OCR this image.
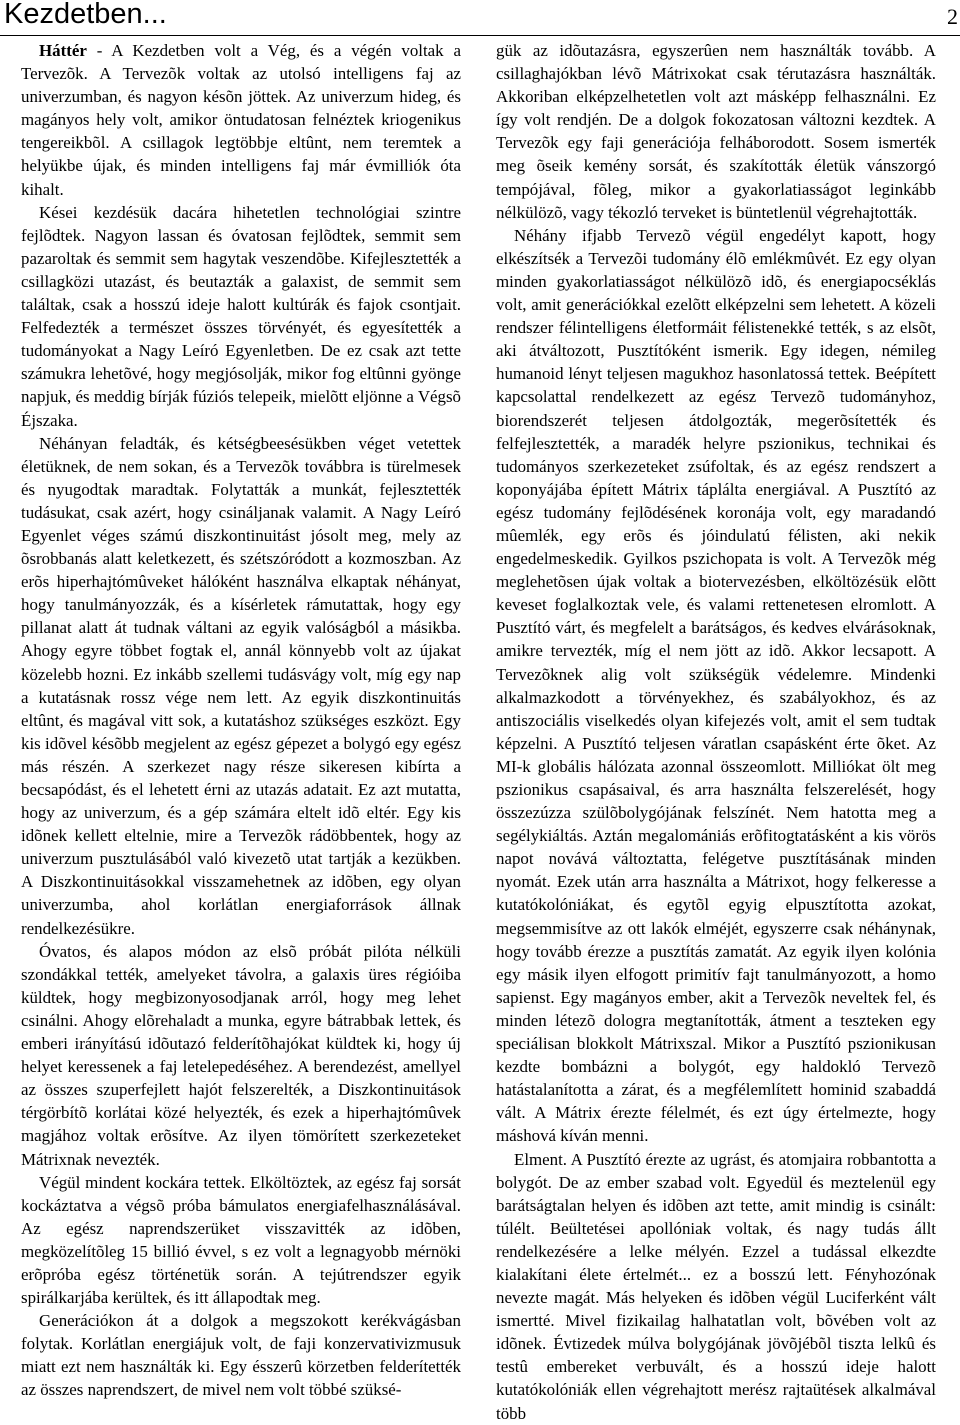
Kezdetben...	2

Háttér - A Kezdetben volt a Vég, és a végén voltak a Tervezõk. A Tervezõk voltak az utolsó intelligens faj az univerzumban, és nagyon késõn jöttek. Az univerzum hideg, és magányos hely volt, amikor öntudatosan felnéztek kriogenikus tengereikbõl. A csillagok legtöbbje eltûnt, nem teremtek a helyükbe újak, és minden intelligens faj már évmilliók óta kihalt.

Kései kezdésük dacára hihetetlen technológiai szintre fejlõdtek. Nagyon lassan és óvatosan fejlõdtek, semmit sem pazaroltak és semmit sem hagytak veszendõbe. Kifejlesztették a csillagközi utazást, és beutazták a galaxist, de semmit sem találtak, csak a hosszú ideje halott kultúrák és fajok csontjait. Felfedezték a természet összes törvényét, és egyesítették a tudományokat a Nagy Leíró Egyenletben. De ez csak azt tette számukra lehetõvé, hogy megjósolják, mikor fog eltûnni gyönge napjuk, és meddig bírják fúziós telepeik, mielõtt eljönne a Végsõ Éjszaka.

Néhányan feladták, és kétségbeesésükben véget vetettek életüknek, de nem sokan, és a Tervezõk továbbra is türelmesek és nyugodtak maradtak. Folytatták a munkát, fejlesztették tudásukat, csak azért, hogy csináljanak valamit. A Nagy Leíró Egyenlet véges számú diszkontinuitást jósolt meg, mely az õsrobbanás alatt keletkezett, és szétszóródott a kozmoszban. Az erõs hiperhajtómûveket hálóként használva elkaptak néhányat, hogy tanulmányozzák, és a kísérletek rámutattak, hogy egy pillanat alatt át tudnak váltani az egyik valóságból a másikba. Ahogy egyre többet fogtak el, annál könnyebb volt az újakat közelebb hozni. Ez inkább szellemi tudásvágy volt, míg egy nap a kutatásnak rossz vége nem lett. Az egyik diszkontinuitás eltûnt, és magával vitt sok, a kutatáshoz szükséges eszközt. Egy kis idõvel késõbb megjelent az egész gépezet a bolygó egy egész más részén. A szerkezet nagy része sikeresen kibírta a becsapódást, és el lehetett érni az utazás adatait. Ez azt mutatta, hogy az univerzum, és a gép számára eltelt idõ eltér. Egy kis idõnek kellett eltelnie, mire a Tervezõk rádöbbentek, hogy az univerzum pusztulásából való kivezetõ utat tartják a kezükben. A Diszkontinuitásokkal visszamehetnek az idõben, egy olyan univerzumba, ahol korlátlan energiaforrások állnak rendelkezésükre.

Óvatos, és alapos módon az elsõ próbát pilóta nélküli szondákkal tették, amelyeket távolra, a galaxis üres régióiba küldtek, hogy megbizonyosodjanak arról, hogy meg lehet csinálni. Ahogy elõrehaladt a munka, egyre bátrabbak lettek, és emberi irányítású idõutazó felderítõhajókat küldtek ki, hogy új helyet keressenek a faj letelepedéséhez. A berendezést, amellyel az összes szuperfejlett hajót felszerelték, a Diszkontinuitások térgörbítõ korlátai közé helyezték, és ezek a hiperhajtómûvek magjához voltak erõsítve. Az ilyen tömörített szerkezeteket Mátrixnak nevezték.

Végül mindent kockára tettek. Elköltöztek, az egész faj sorsát kockáztatva a végsõ próba bámulatos energiafelhasználásával. Az egész naprendszerüket visszavitték az idõben, megközelítõleg 15 billió évvel, s ez volt a legnagyobb mérnöki erõpróba egész történetük során. A tejútrendszer egyik spirálkarjába kerültek, és itt állapodtak meg.

Generációkon át a dolgok a megszokott kerékvágásban folytak. Korlátlan energiájuk volt, de faji konzervativizmusuk miatt ezt nem használták ki. Egy ésszerû körzetben felderítették az összes naprendszert, de mivel nem volt többé szüksé-

gük az idõutazásra, egyszerûen nem használták tovább. A csillaghajókban lévõ Mátrixokat csak térutazásra használták. Akkoriban elképzelhetetlen volt azt másképp felhasználni. Ez így volt rendjén. De a dolgok fokozatosan változni kezdtek. A Tervezõk egy faji generációja felháborodott. Sosem ismerték meg õseik kemény sorsát, és szakították életük vánszorgó tempójával, fõleg, mikor a gyakorlatiasságot leginkább nélkülözõ, vagy tékozló terveket is büntetlenül végrehajtották.

Néhány ifjabb Tervezõ végül engedélyt kapott, hogy elkészítsék a Tervezõi tudomány élõ emlékmûvét. Ez egy olyan minden gyakorlatiasságot nélkülözõ idõ, és energiapocséklás volt, amit generációkkal ezelõtt elképzelni sem lehetett. A közeli rendszer félintelligens életformáit félistenekké tették, s az elsõt, aki átváltozott, Pusztítóként ismerik. Egy idegen, némileg humanoid lényt teljesen magukhoz hasonlatossá tettek. Beépített kapcsolattal rendelkezett az egész Tervezõ tudományhoz, biorendszerét teljesen átdolgozták, megerõsítették és felfejlesztették, a maradék helyre pszionikus, technikai és tudományos szerkezeteket zsúfoltak, és az egész rendszert a koponyájába épített Mátrix táplálta energiával. A Pusztító az egész tudomány fejlõdésének koronája volt, egy maradandó mûemlék, egy erõs és jóindulatú félisten, aki nekik engedelmeskedik. Gyilkos pszichopata is volt. A Tervezõk még meglehetõsen újak voltak a biotervezésben, elköltözésük elõtt keveset foglalkoztak vele, és valami rettenetesen elromlott. A Pusztító várt, és megfelelt a barátságos, és kedves elvárásoknak, amikre tervezték, míg el nem jött az idõ. Akkor lecsapott. A Tervezõknek alig volt szükségük védelemre. Mindenki alkalmazkodott a törvényekhez, és szabályokhoz, és az antiszociális viselkedés olyan kifejezés volt, amit el sem tudtak képzelni. A Pusztító teljesen váratlan csapásként érte õket. Az MI-k globális hálózata azonnal összeomlott. Milliókat ölt meg pszionikus csapásaival, és arra használta felszerelését, hogy összezúzza szülõbolygójának felszínét. Nem hatotta meg a segélykiáltás. Aztán megalomániás erõfitogtatásként a kis vörös napot novává változtatta, felégetve pusztításának minden nyomát. Ezek után arra használta a Mátrixot, hogy felkeresse a kutatókolóniákat, és egytõl egyig elpusztította azokat, megsemmisítve az ott lakók elméjét, egyszerre csak néhánynak, hogy tovább érezze a pusztítás zamatát. Az egyik ilyen kolónia egy másik ilyen elfogott primitív fajt tanulmányozott, a homo sapienst. Egy magányos ember, akit a Tervezõk neveltek fel, és minden létezõ dologra megtanították, átment a teszteken egy speciálisan blokkolt Mátrixszal. Mikor a Pusztító pszionikusan kezdte bombázni a bolygót, egy haldokló Tervezõ hatástalanította a zárat, és a megfélemlített hominid szabaddá vált. A Mátrix érezte félelmét, és ezt úgy értelmezte, hogy máshová kíván menni.

Elment. A Pusztító érezte az ugrást, és atomjaira robbantotta a bolygót. De az ember szabad volt. Egyedül és meztelenül egy barátságtalan helyen és idõben azt tette, amit mindig is csinált: túlélt. Beültetései apollóniak voltak, és nagy tudás állt rendelkezésére a lelke mélyén. Ezzel a tudással elkezdte kialakítani élete értelmét... ez a bosszú lett. Fényhozónak nevezte magát. Más helyeken és idõben végül Luciferként vált ismertté. Mivel fizikailag halhatatlan volt, bõvében volt az idõnek. Évtizedek múlva bolygójának jövõjébõl tiszta lelkû és testû embereket verbuvált, és a hosszú ideje halott kutatókolóniák ellen végrehajtott merész rajtaütések alkalmával több
